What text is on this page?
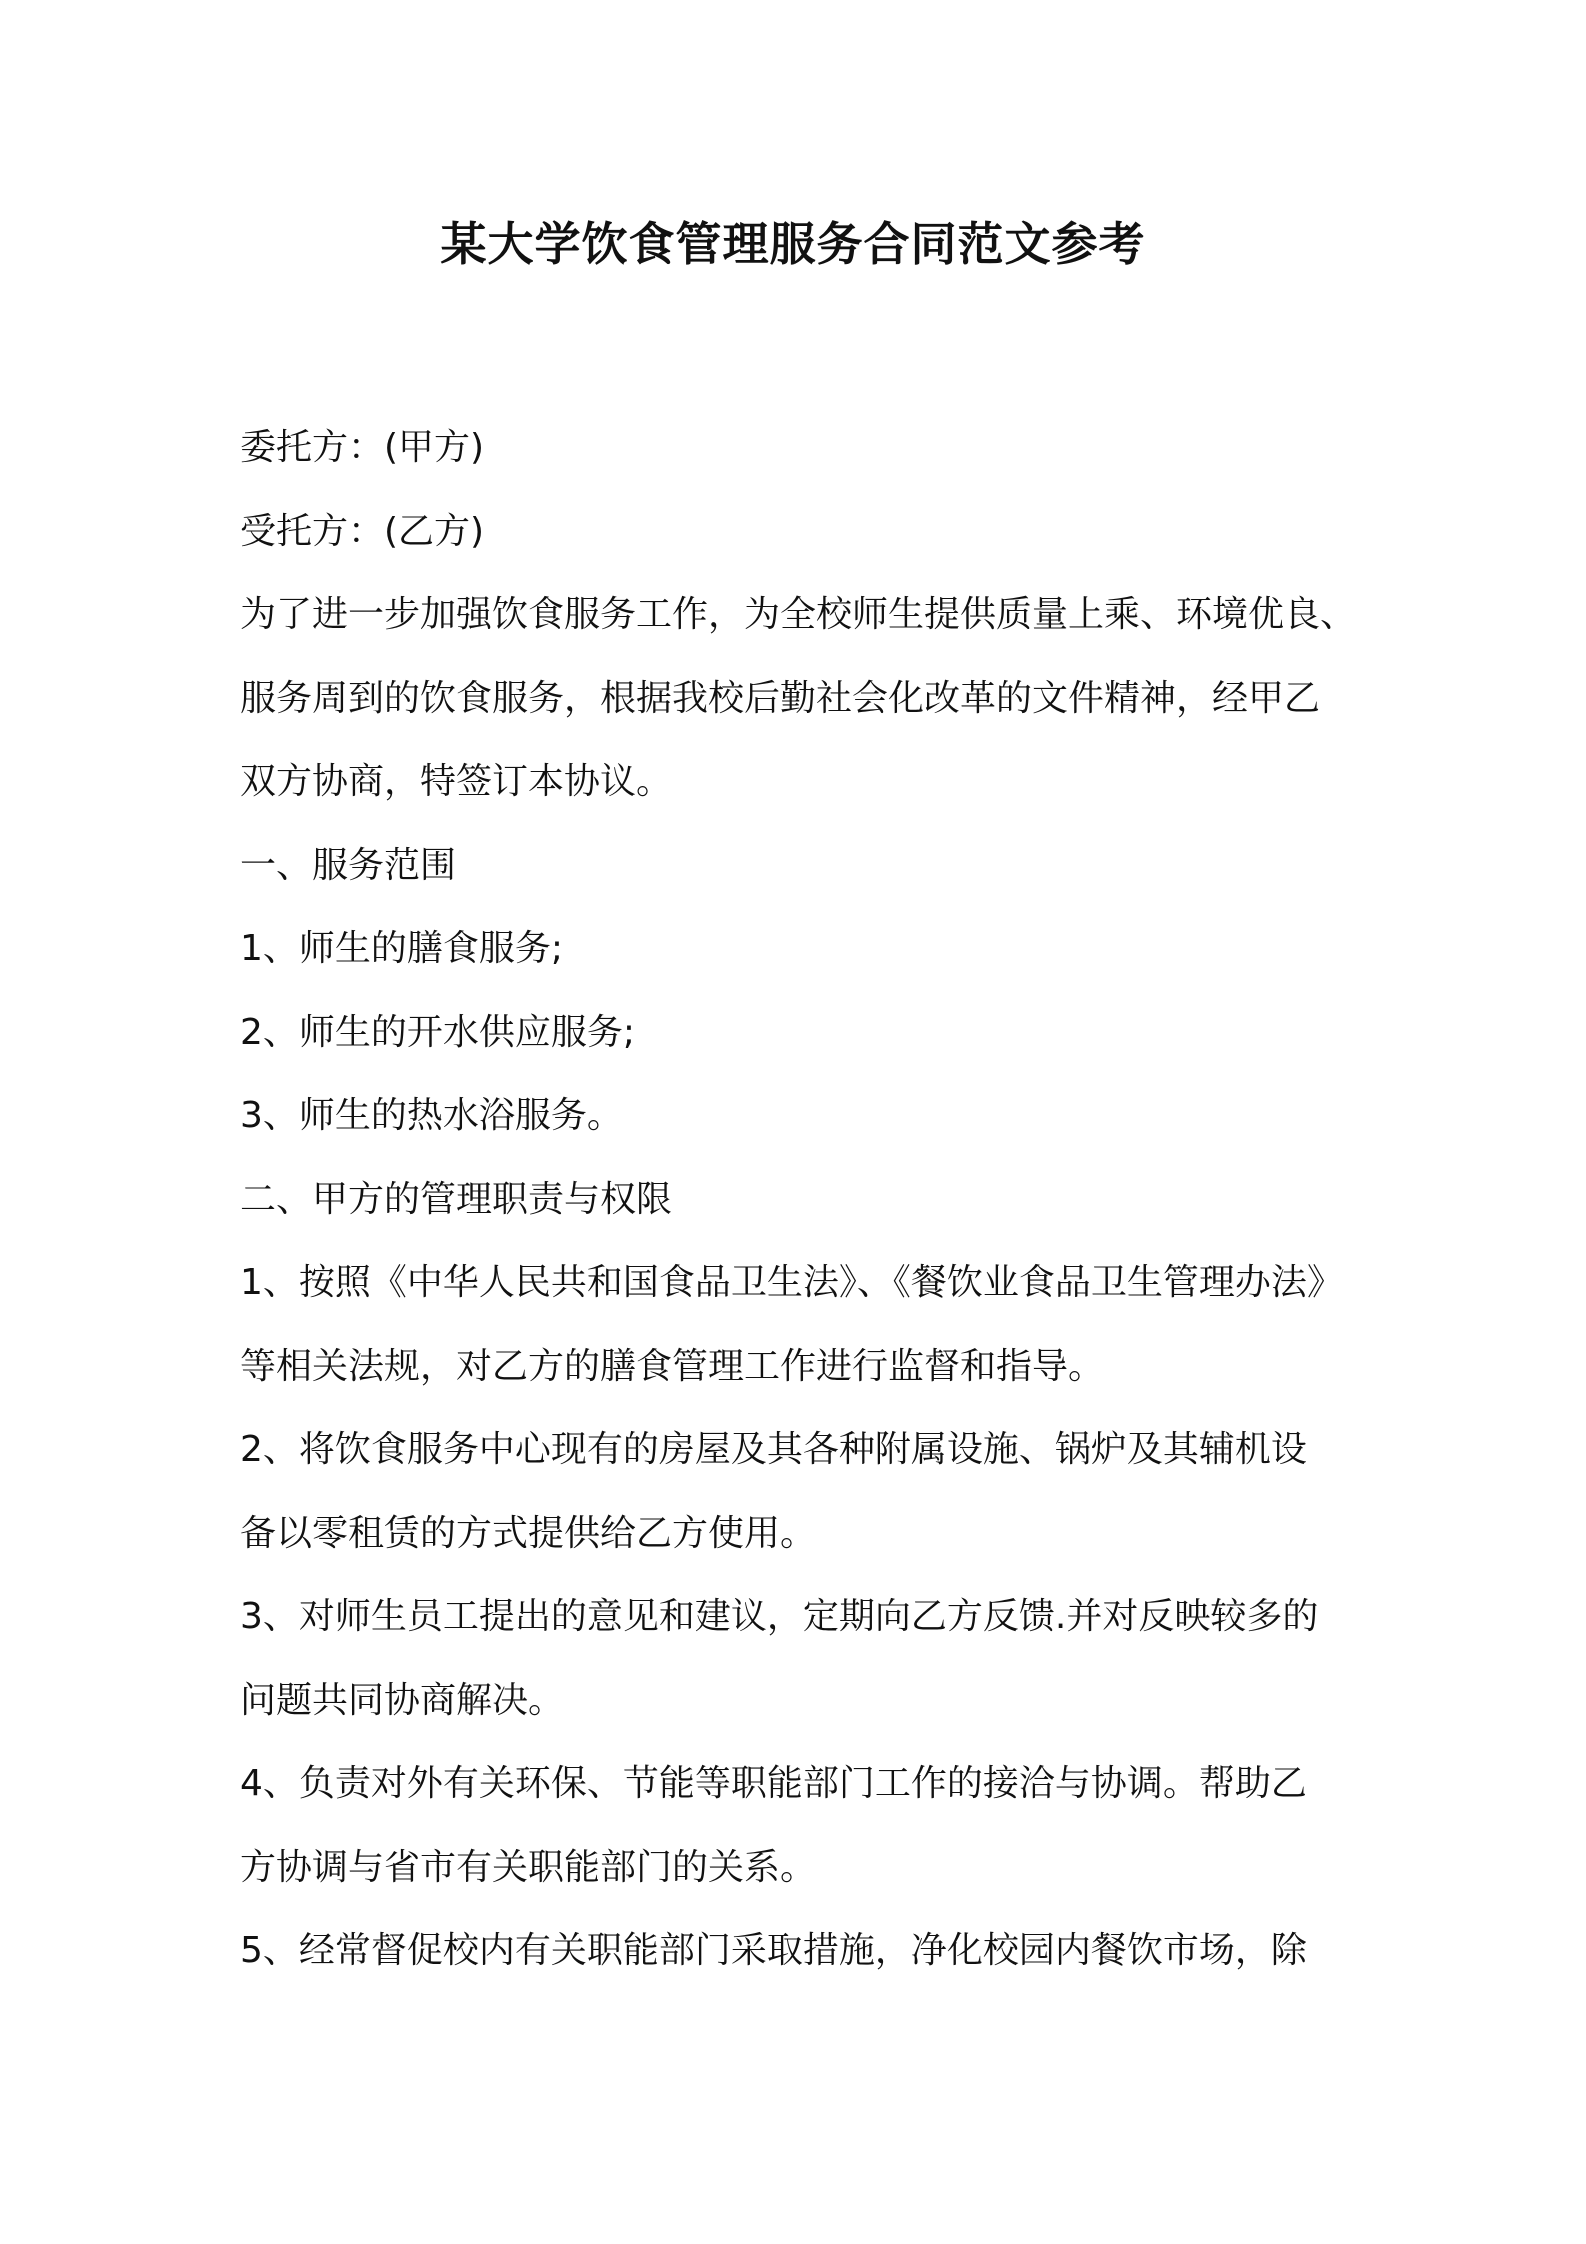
某大学饮食管理服务合同范文参考

委托方：(甲方)

受托方：(乙方)

为了进一步加强饮食服务工作，为全校师生提供质量上乘、环境优良、

服务周到的饮食服务，根据我校后勤社会化改革的文件精神，经甲乙

双方协商，特签订本协议。

一、服务范围

1、师生的膳食服务;

2、师生的开水供应服务;

3、师生的热水浴服务。

二、甲方的管理职责与权限

1、按照《中华人民共和国食品卫生法》、《餐饮业食品卫生管理办法》

等相关法规，对乙方的膳食管理工作进行监督和指导。

2、将饮食服务中心现有的房屋及其各种附属设施、锅炉及其辅机设

备以零租赁的方式提供给乙方使用。

3、对师生员工提出的意见和建议，定期向乙方反馈.并对反映较多的

问题共同协商解决。

4、负责对外有关环保、节能等职能部门工作的接洽与协调。帮助乙

方协调与省市有关职能部门的关系。

5、经常督促校内有关职能部门采取措施，净化校园内餐饮市场，除
